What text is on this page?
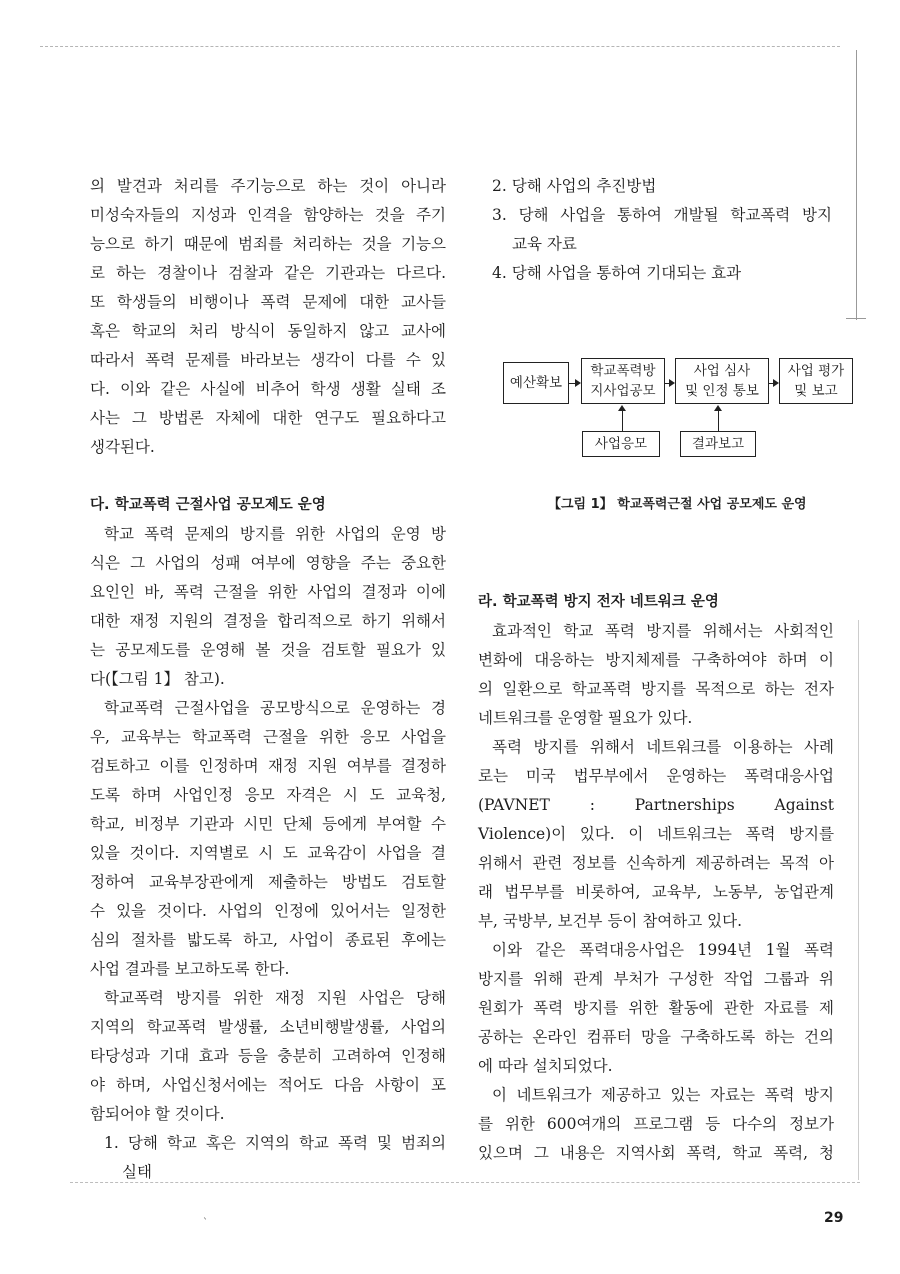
의 발견과 처리를 주기능으로 하는 것이 아니라
미성숙자들의 지성과 인격을 함양하는 것을 주기
능으로 하기 때문에 범죄를 처리하는 것을 기능으
로 하는 경찰이나 검찰과 같은 기관과는 다르다.
또 학생들의 비행이나 폭력 문제에 대한 교사들
혹은 학교의 처리 방식이 동일하지 않고 교사에
따라서 폭력 문제를 바라보는 생각이 다를 수 있
다. 이와 같은 사실에 비추어 학생 생활 실태 조
사는 그 방법론 자체에 대한 연구도 필요하다고
생각된다.
다. 학교폭력 근절사업 공모제도 운영
학교 폭력 문제의 방지를 위한 사업의 운영 방
식은 그 사업의 성패 여부에 영향을 주는 중요한
요인인 바, 폭력 근절을 위한 사업의 결정과 이에
대한 재정 지원의 결정을 합리적으로 하기 위해서
는 공모제도를 운영해 볼 것을 검토할 필요가 있
다(【그림 1】 참고).
학교폭력 근절사업을 공모방식으로 운영하는 경
우, 교육부는 학교폭력 근절을 위한 응모 사업을
검토하고 이를 인정하며 재정 지원 여부를 결정하
도록 하며 사업인정 응모 자격은 시 도 교육청,
학교, 비정부 기관과 시민 단체 등에게 부여할 수
있을 것이다. 지역별로 시 도 교육감이 사업을 결
정하여 교육부장관에게 제출하는 방법도 검토할
수 있을 것이다. 사업의 인정에 있어서는 일정한
심의 절차를 밟도록 하고, 사업이 종료된 후에는
사업 결과를 보고하도록 한다.
학교폭력 방지를 위한 재정 지원 사업은 당해
지역의 학교폭력 발생률, 소년비행발생률, 사업의
타당성과 기대 효과 등을 충분히 고려하여 인정해
야 하며, 사업신청서에는 적어도 다음 사항이 포
함되어야 할 것이다.
1. 당해 학교 혹은 지역의 학교 폭력 및 범죄의
실태
2. 당해 사업의 추진방법
3. 당해 사업을 통하여 개발될 학교폭력 방지
교육 자료
4. 당해 사업을 통하여 기대되는 효과
예산확보
학교폭력방
지사업공모
사업 심사
및 인정 통보
사업 평가
및 보고
사업응모	결과보고
【그림 1】 학교폭력근절 사업 공모제도 운영
라. 학교폭력 방지 전자 네트워크 운영
효과적인 학교 폭력 방지를 위해서는 사회적인
변화에 대응하는 방지체제를 구축하여야 하며 이
의 일환으로 학교폭력 방지를 목적으로 하는 전자
네트워크를 운영할 필요가 있다.
폭력 방지를 위해서 네트워크를 이용하는 사례
로는 미국 법무부에서 운영하는 폭력대응사업
(PAVNET : Partnerships Against
Violence)이 있다. 이 네트워크는 폭력 방지를
위해서 관련 정보를 신속하게 제공하려는 목적 아
래 법무부를 비롯하여, 교육부, 노동부, 농업관계
부, 국방부, 보건부 등이 참여하고 있다.
이와 같은 폭력대응사업은 1994년 1월 폭력
방지를 위해 관계 부처가 구성한 작업 그룹과 위
원회가 폭력 방지를 위한 활동에 관한 자료를 제
공하는 온라인 컴퓨터 망을 구축하도록 하는 건의
에 따라 설치되었다.
이 네트워크가 제공하고 있는 자료는 폭력 방지
를 위한 600여개의 프로그램 등 다수의 정보가
있으며 그 내용은 지역사회 폭력, 학교 폭력, 청
`	29
